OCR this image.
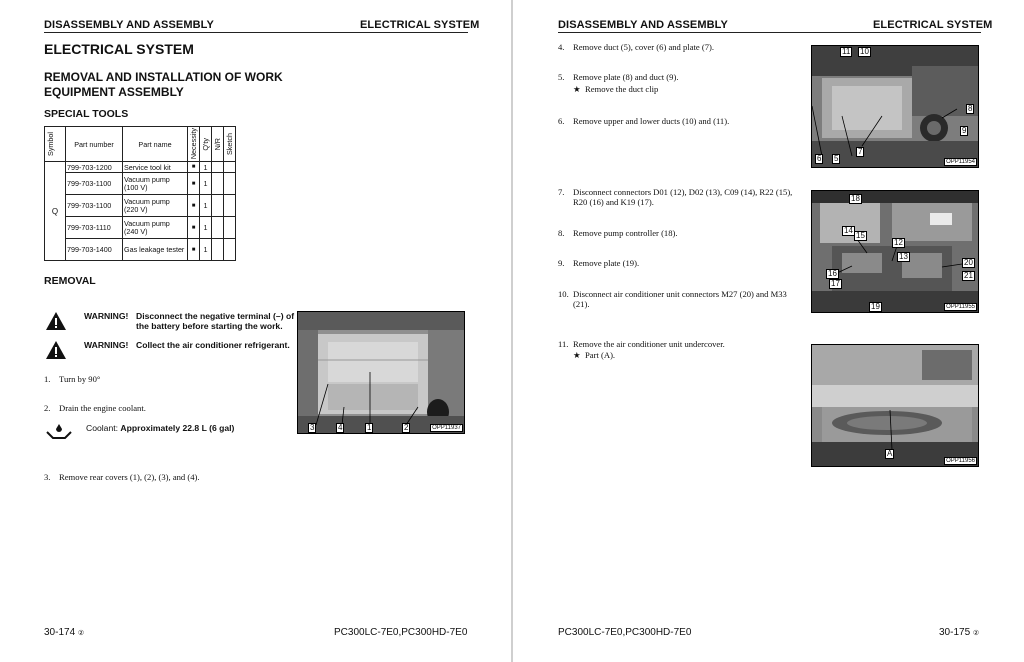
DISASSEMBLY AND ASSEMBLY	ELECTRICAL SYSTEM
ELECTRICAL SYSTEM
REMOVAL AND INSTALLATION OF WORK
EQUIPMENT ASSEMBLY
SPECIAL TOOLS
Symbol	Part number	Part name	Necessity	Q'ty	N/R	Sketch

Q	799-703-1200	Service tool kit	■	1		
	799-703-1100	Vacuum pump (100 V)	■	1		
	799-703-1100	Vacuum pump (220 V)	■	1		
	799-703-1110	Vacuum pump (240 V)	■	1		
	799-703-1400	Gas leakage tester	■	1		
REMOVAL
WARNING! Disconnect the negative terminal (–) of
the battery before starting the work.
WARNING! Collect the air conditioner refrigerant.
1. Turn by 90°
2. Drain the engine coolant.
Coolant: Approximately 22.8 L (6 gal)
3. Remove rear covers (1), (2), (3), and (4).
3	4	1	2	OPP11937
30-174 ②	PC300LC-7E0,PC300HD-7E0
DISASSEMBLY AND ASSEMBLY	ELECTRICAL SYSTEM
4. Remove duct (5), cover (6) and plate (7).
5. Remove plate (8) and duct (9).
★ Remove the duct clip
6. Remove upper and lower ducts (10) and (11).
7. Disconnect connectors D01 (12), D02 (13), C09 (14), R22 (15),
R20 (16) and K19 (17).
8. Remove pump controller (18).
9. Remove plate (19).
10. Disconnect air conditioner unit connectors M27 (20) and M33
(21).
11. Remove the air conditioner unit undercover.
★ Part (A).
11 10
8
9
6 5
7
OPP11954
18
14
15
12
13
16
17
19
20
21
OPP11955
A
OPP11956
PC300LC-7E0,PC300HD-7E0	30-175 ②
